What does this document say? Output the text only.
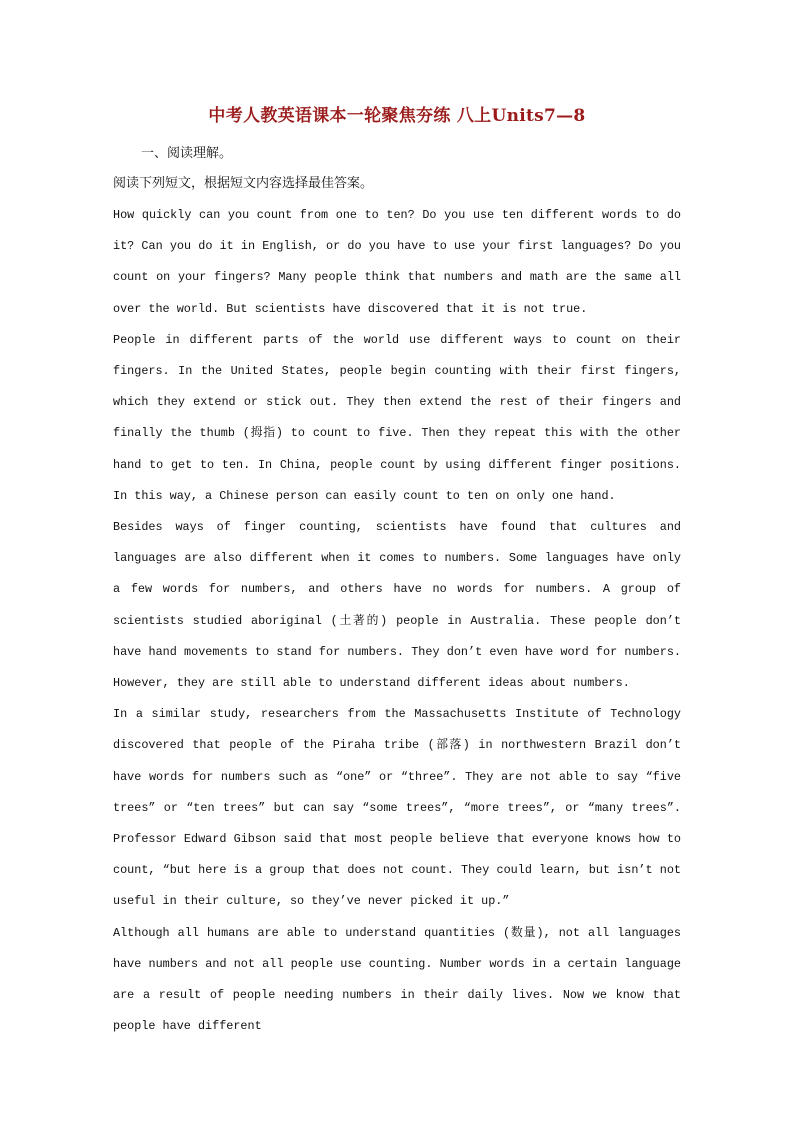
中考人教英语课本一轮聚焦夯练 八上Units7—8
一、阅读理解。
阅读下列短文，根据短文内容选择最佳答案。

How quickly can you count from one to ten? Do you use ten different words to do it? Can you do it in English, or do you have to use your first languages? Do you count on your fingers? Many people think that numbers and math are the same all over the world. But scientists have discovered that it is not true.

People in different parts of the world use different ways to count on their fingers. In the United States, people begin counting with their first fingers, which they extend or stick out. They then extend the rest of their fingers and finally the thumb (拇指) to count to five. Then they repeat this with the other hand to get to ten. In China, people count by using different finger positions. In this way, a Chinese person can easily count to ten on only one hand.

Besides ways of finger counting, scientists have found that cultures and languages are also different when it comes to numbers. Some languages have only a few words for numbers, and others have no words for numbers. A group of scientists studied aboriginal (土著的) people in Australia. These people don’t have hand movements to stand for numbers. They don’t even have word for numbers. However, they are still able to understand different ideas about numbers.

In a similar study, researchers from the Massachusetts Institute of Technology discovered that people of the Piraha tribe (部落) in northwestern Brazil don’t have words for numbers such as “one” or “three”. They are not able to say “five trees” or “ten trees” but can say “some trees”, “more trees”, or “many trees”. Professor Edward Gibson said that most people believe that everyone knows how to count, “but here is a group that does not count. They could learn, but isn’t not useful in their culture, so they’ve never picked it up.”

Although all humans are able to understand quantities (数量), not all languages have numbers and not all people use counting. Number words in a certain language are a result of people needing numbers in their daily lives. Now we know that people have different
